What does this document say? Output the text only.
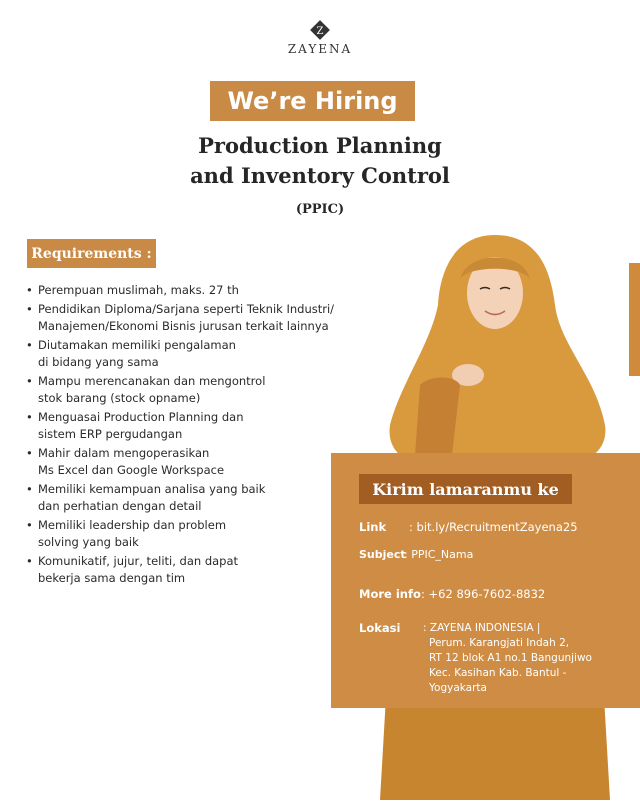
Z
ZAYENA
We’re Hiring
Production Planning
and Inventory Control
(PPIC)
Requirements :
• Perempuan muslimah, maks. 27 th
• Pendidikan Diploma/Sarjana seperti Teknik Industri/
Manajemen/Ekonomi Bisnis jurusan terkait lainnya
• Diutamakan memiliki pengalaman
di bidang yang sama
• Mampu merencanakan dan mengontrol
stok barang (stock opname)
• Menguasai Production Planning dan
sistem ERP pergudangan
• Mahir dalam mengoperasikan
Ms Excel dan Google Workspace
• Memiliki kemampuan analisa yang baik
dan perhatian dengan detail
• Memiliki leadership dan problem
solving yang baik
• Komunikatif, jujur, teliti, dan dapat
bekerja sama dengan tim
Kirim lamaranmu ke
Link : bit.ly/RecruitmentZayena25
Subject: PPIC_Nama
More info: +62 896-7602-8832
Lokasi : ZAYENA INDONESIA |
Perum. Karangjati Indah 2,
RT 12 blok A1 no.1 Bangunjiwo
Kec. Kasihan Kab. Bantul -
Yogyakarta
